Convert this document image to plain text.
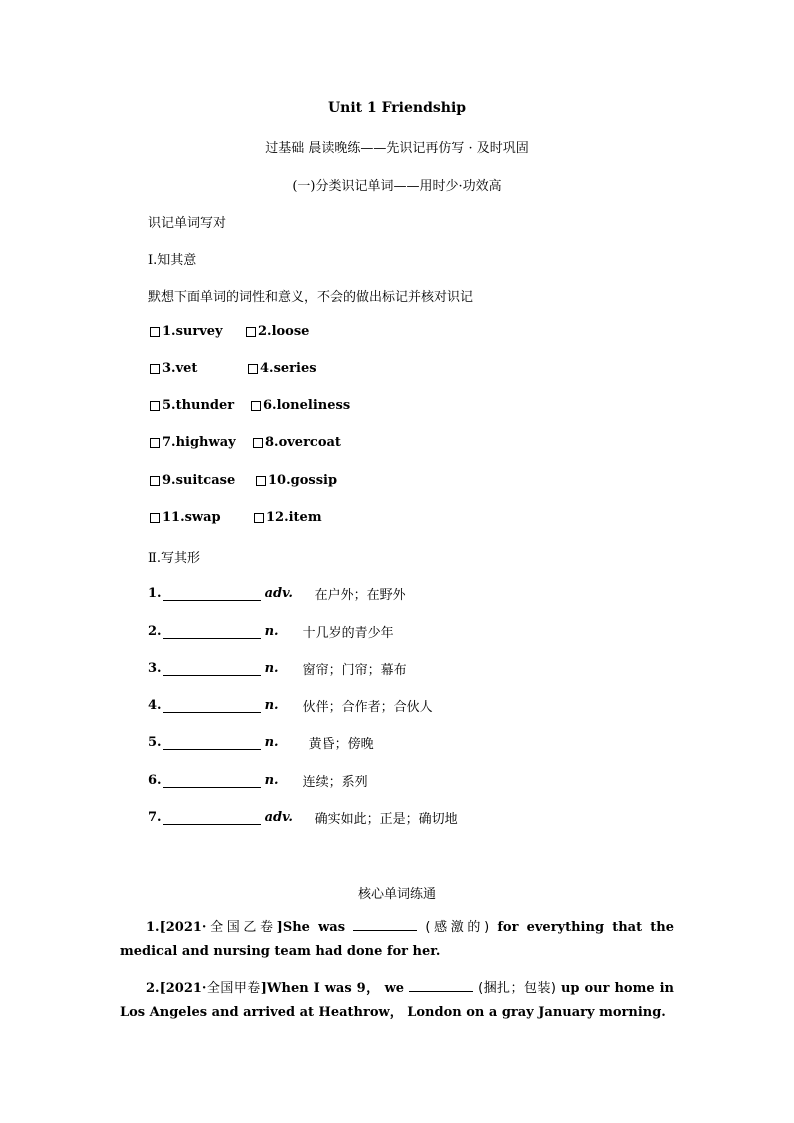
Unit 1 Friendship
过基础 晨读晚练——先识记再仿写 · 及时巩固
(一)分类识记单词——用时少·功效高
识记单词写对
Ⅰ.知其意
默想下面单词的词性和意义，不会的做出标记并核对识记
1.survey	2.loose
3.vet	4.series
5.thunder 6.loneliness
7.highway 8.overcoat
9.suitcase	10.gossip
11.swap	12.item
Ⅱ.写其形
1.	adv.	在户外；在野外
2.	n.	十几岁的青少年
3.	n.	窗帘；门帘；幕布
4.	n.	伙伴；合作者；合伙人
5.	n.	黄昏；傍晚
6.	n.	连续；系列
7.	adv.	确实如此；正是；确切地
核心单词练通
1.[2021·全国乙卷]She was	(感激的) for everything that the medical and nursing team had done for her.
2.[2021·全国甲卷]When I was 9， we	(捆扎；包装) up our home in Los Angeles and arrived at Heathrow， London on a gray January morning.
